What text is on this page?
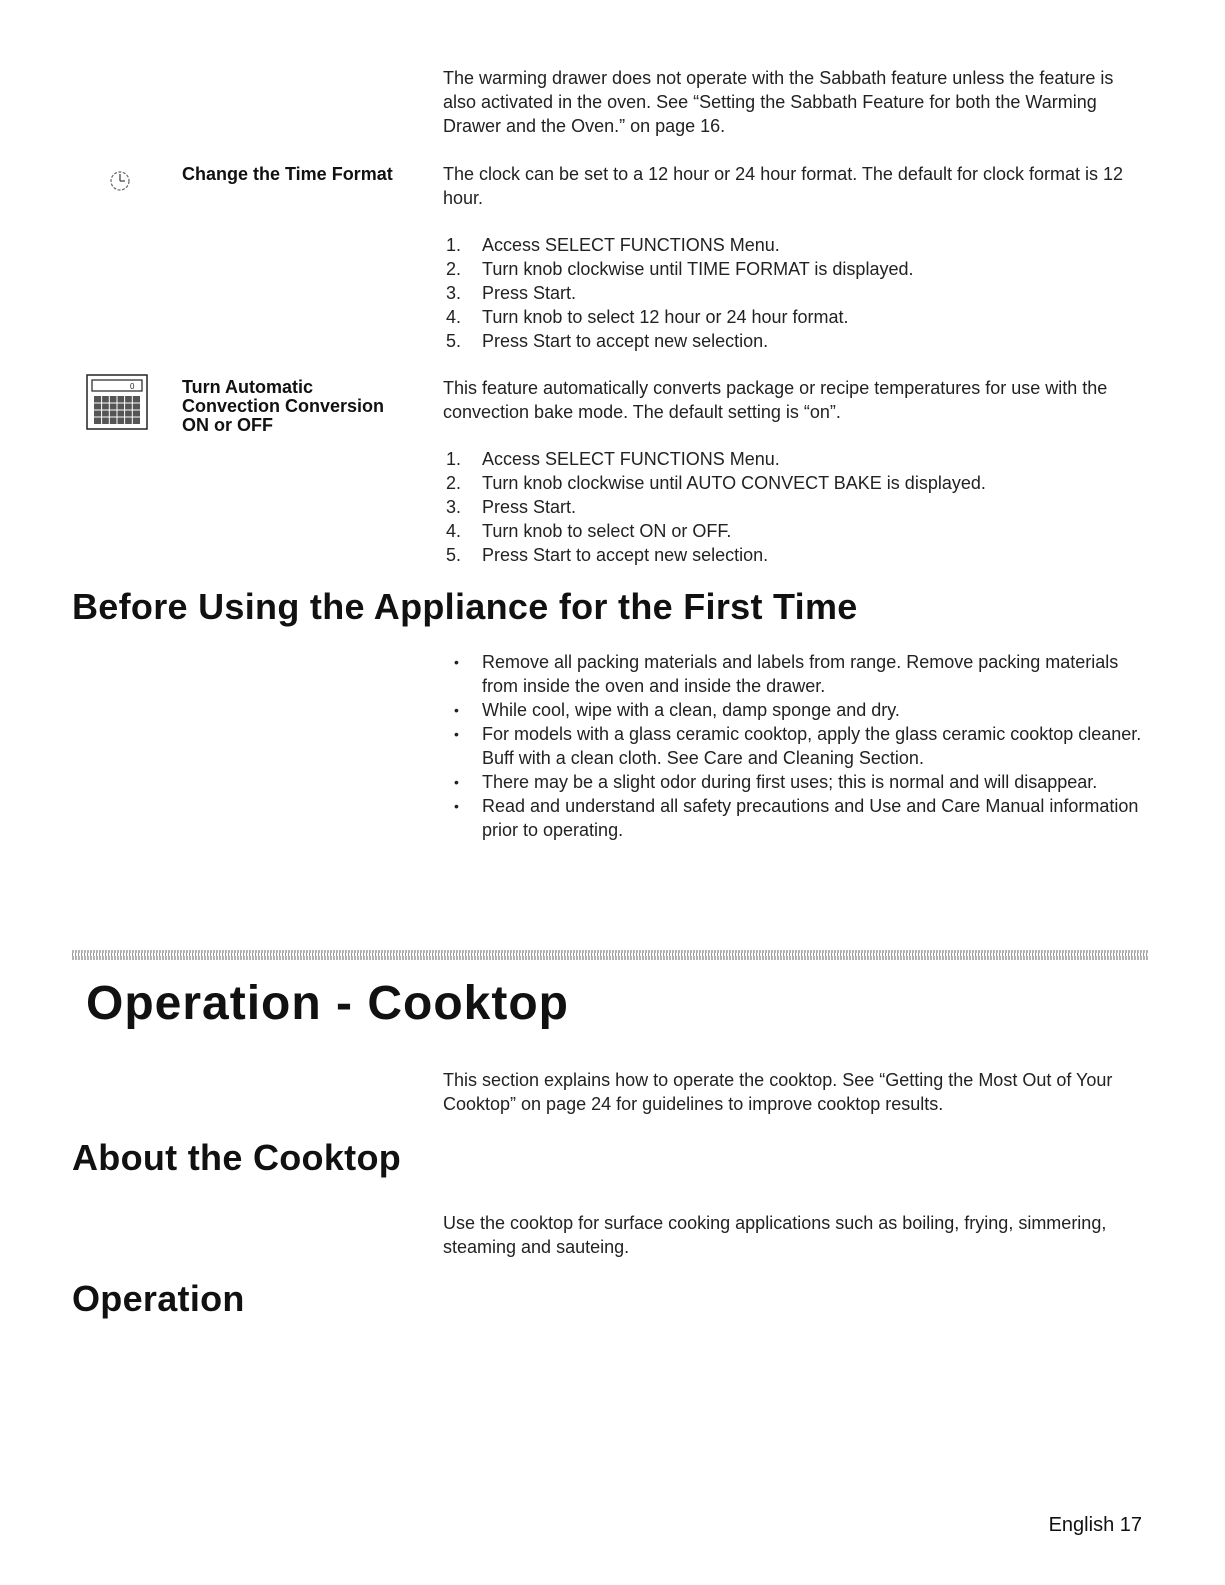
The warming drawer does not operate with the Sabbath feature unless the feature is also activated in the oven. See “Setting the Sabbath Feature for both the Warming Drawer and the Oven.” on page 16.
Change the Time Format	The clock can be set to a 12 hour or 24 hour format. The default for clock format is 12 hour.
1. Access SELECT FUNCTIONS Menu.
2. Turn knob clockwise until TIME FORMAT is displayed.
3. Press Start.
4. Turn knob to select 12 hour or 24 hour format.
5. Press Start to accept new selection.
0	Turn Automatic Convection Conversion ON or OFF
This feature automatically converts package or recipe temperatures for use with the convection bake mode. The default setting is “on”.
1. Access SELECT FUNCTIONS Menu.
2. Turn knob clockwise until AUTO CONVECT BAKE is displayed.
3. Press Start.
4. Turn knob to select ON or OFF.
5. Press Start to accept new selection.
Before Using the Appliance for the First Time
• Remove all packing materials and labels from range. Remove packing materials from inside the oven and inside the drawer.
• While cool, wipe with a clean, damp sponge and dry.
• For models with a glass ceramic cooktop, apply the glass ceramic cooktop cleaner. Buff with a clean cloth. See Care and Cleaning Section.
• There may be a slight odor during first uses; this is normal and will disappear.
• Read and understand all safety precautions and Use and Care Manual information prior to operating.
Operation - Cooktop
This section explains how to operate the cooktop. See “Getting the Most Out of Your Cooktop” on page 24 for guidelines to improve cooktop results.
About the Cooktop
Use the cooktop for surface cooking applications such as boiling, frying, simmering, steaming and sauteing.
Operation
English 17
